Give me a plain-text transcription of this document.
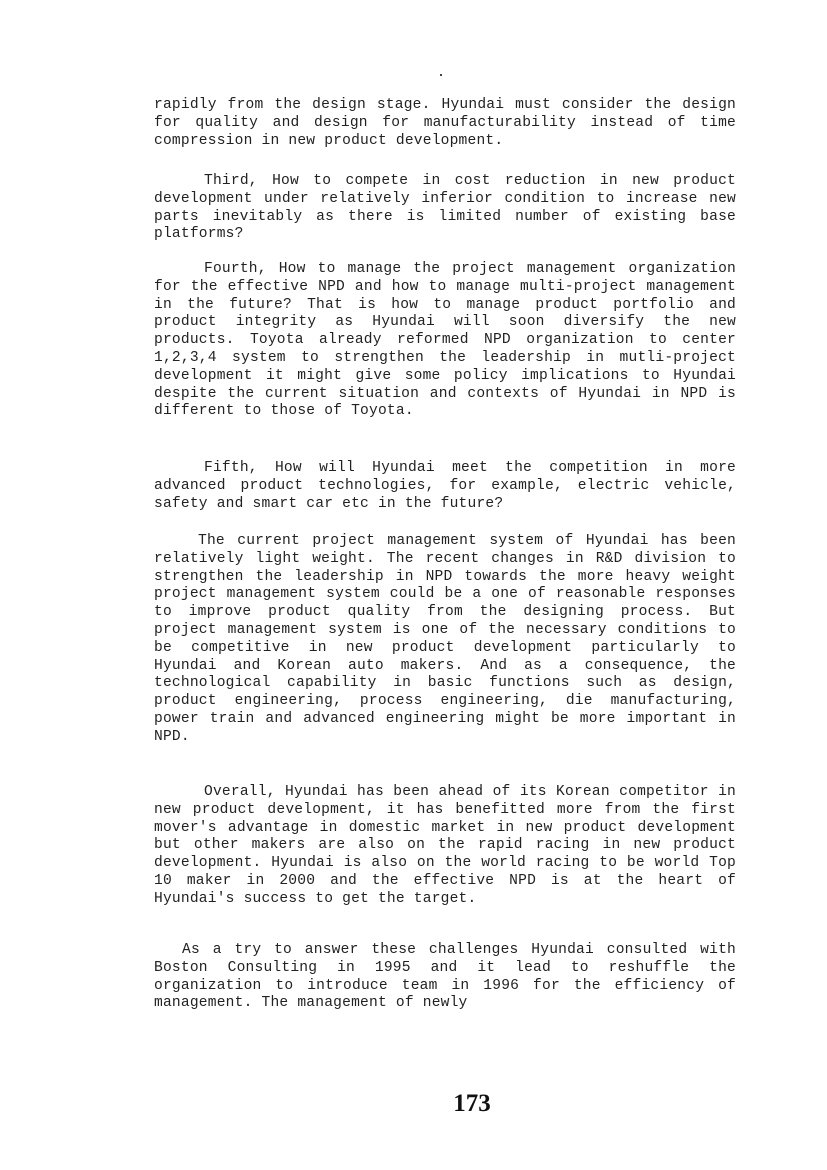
rapidly from the design stage. Hyundai must consider the design for quality and design for manufacturability instead of time compression in new product development.

Third, How to compete in cost reduction in new product development under relatively inferior condition to increase new parts inevitably as there is limited number of existing base platforms?

Fourth, How to manage the project management organization for the effective NPD and how to manage multi-project management in the future? That is how to manage product portfolio and product integrity as Hyundai will soon diversify the new products. Toyota already reformed NPD organization to center 1,2,3,4 system to strengthen the leadership in mutli-project development it might give some policy implications to Hyundai despite the current situation and contexts of Hyundai in NPD is different to those of Toyota.

Fifth, How will Hyundai meet the competition in more advanced product technologies, for example, electric vehicle, safety and smart car etc in the future?

The current project management system of Hyundai has been relatively light weight. The recent changes in R&D division to strengthen the leadership in NPD towards the more heavy weight project management system could be a one of reasonable responses to improve product quality from the designing process. But project management system is one of the necessary conditions to be competitive in new product development particularly to Hyundai and Korean auto makers. And as a consequence, the technological capability in basic functions such as design, product engineering, process engineering, die manufacturing, power train and advanced engineering might be more important in NPD.

Overall, Hyundai has been ahead of its Korean competitor in new product development, it has benefitted more from the first mover's advantage in domestic market in new product development but other makers are also on the rapid racing in new product development. Hyundai is also on the world racing to be world Top 10 maker in 2000 and the effective NPD is at the heart of Hyundai's success to get the target.

As a try to answer these challenges Hyundai consulted with Boston Consulting in 1995 and it lead to reshuffle the organization to introduce team in 1996 for the efficiency of management. The management of newly

173
